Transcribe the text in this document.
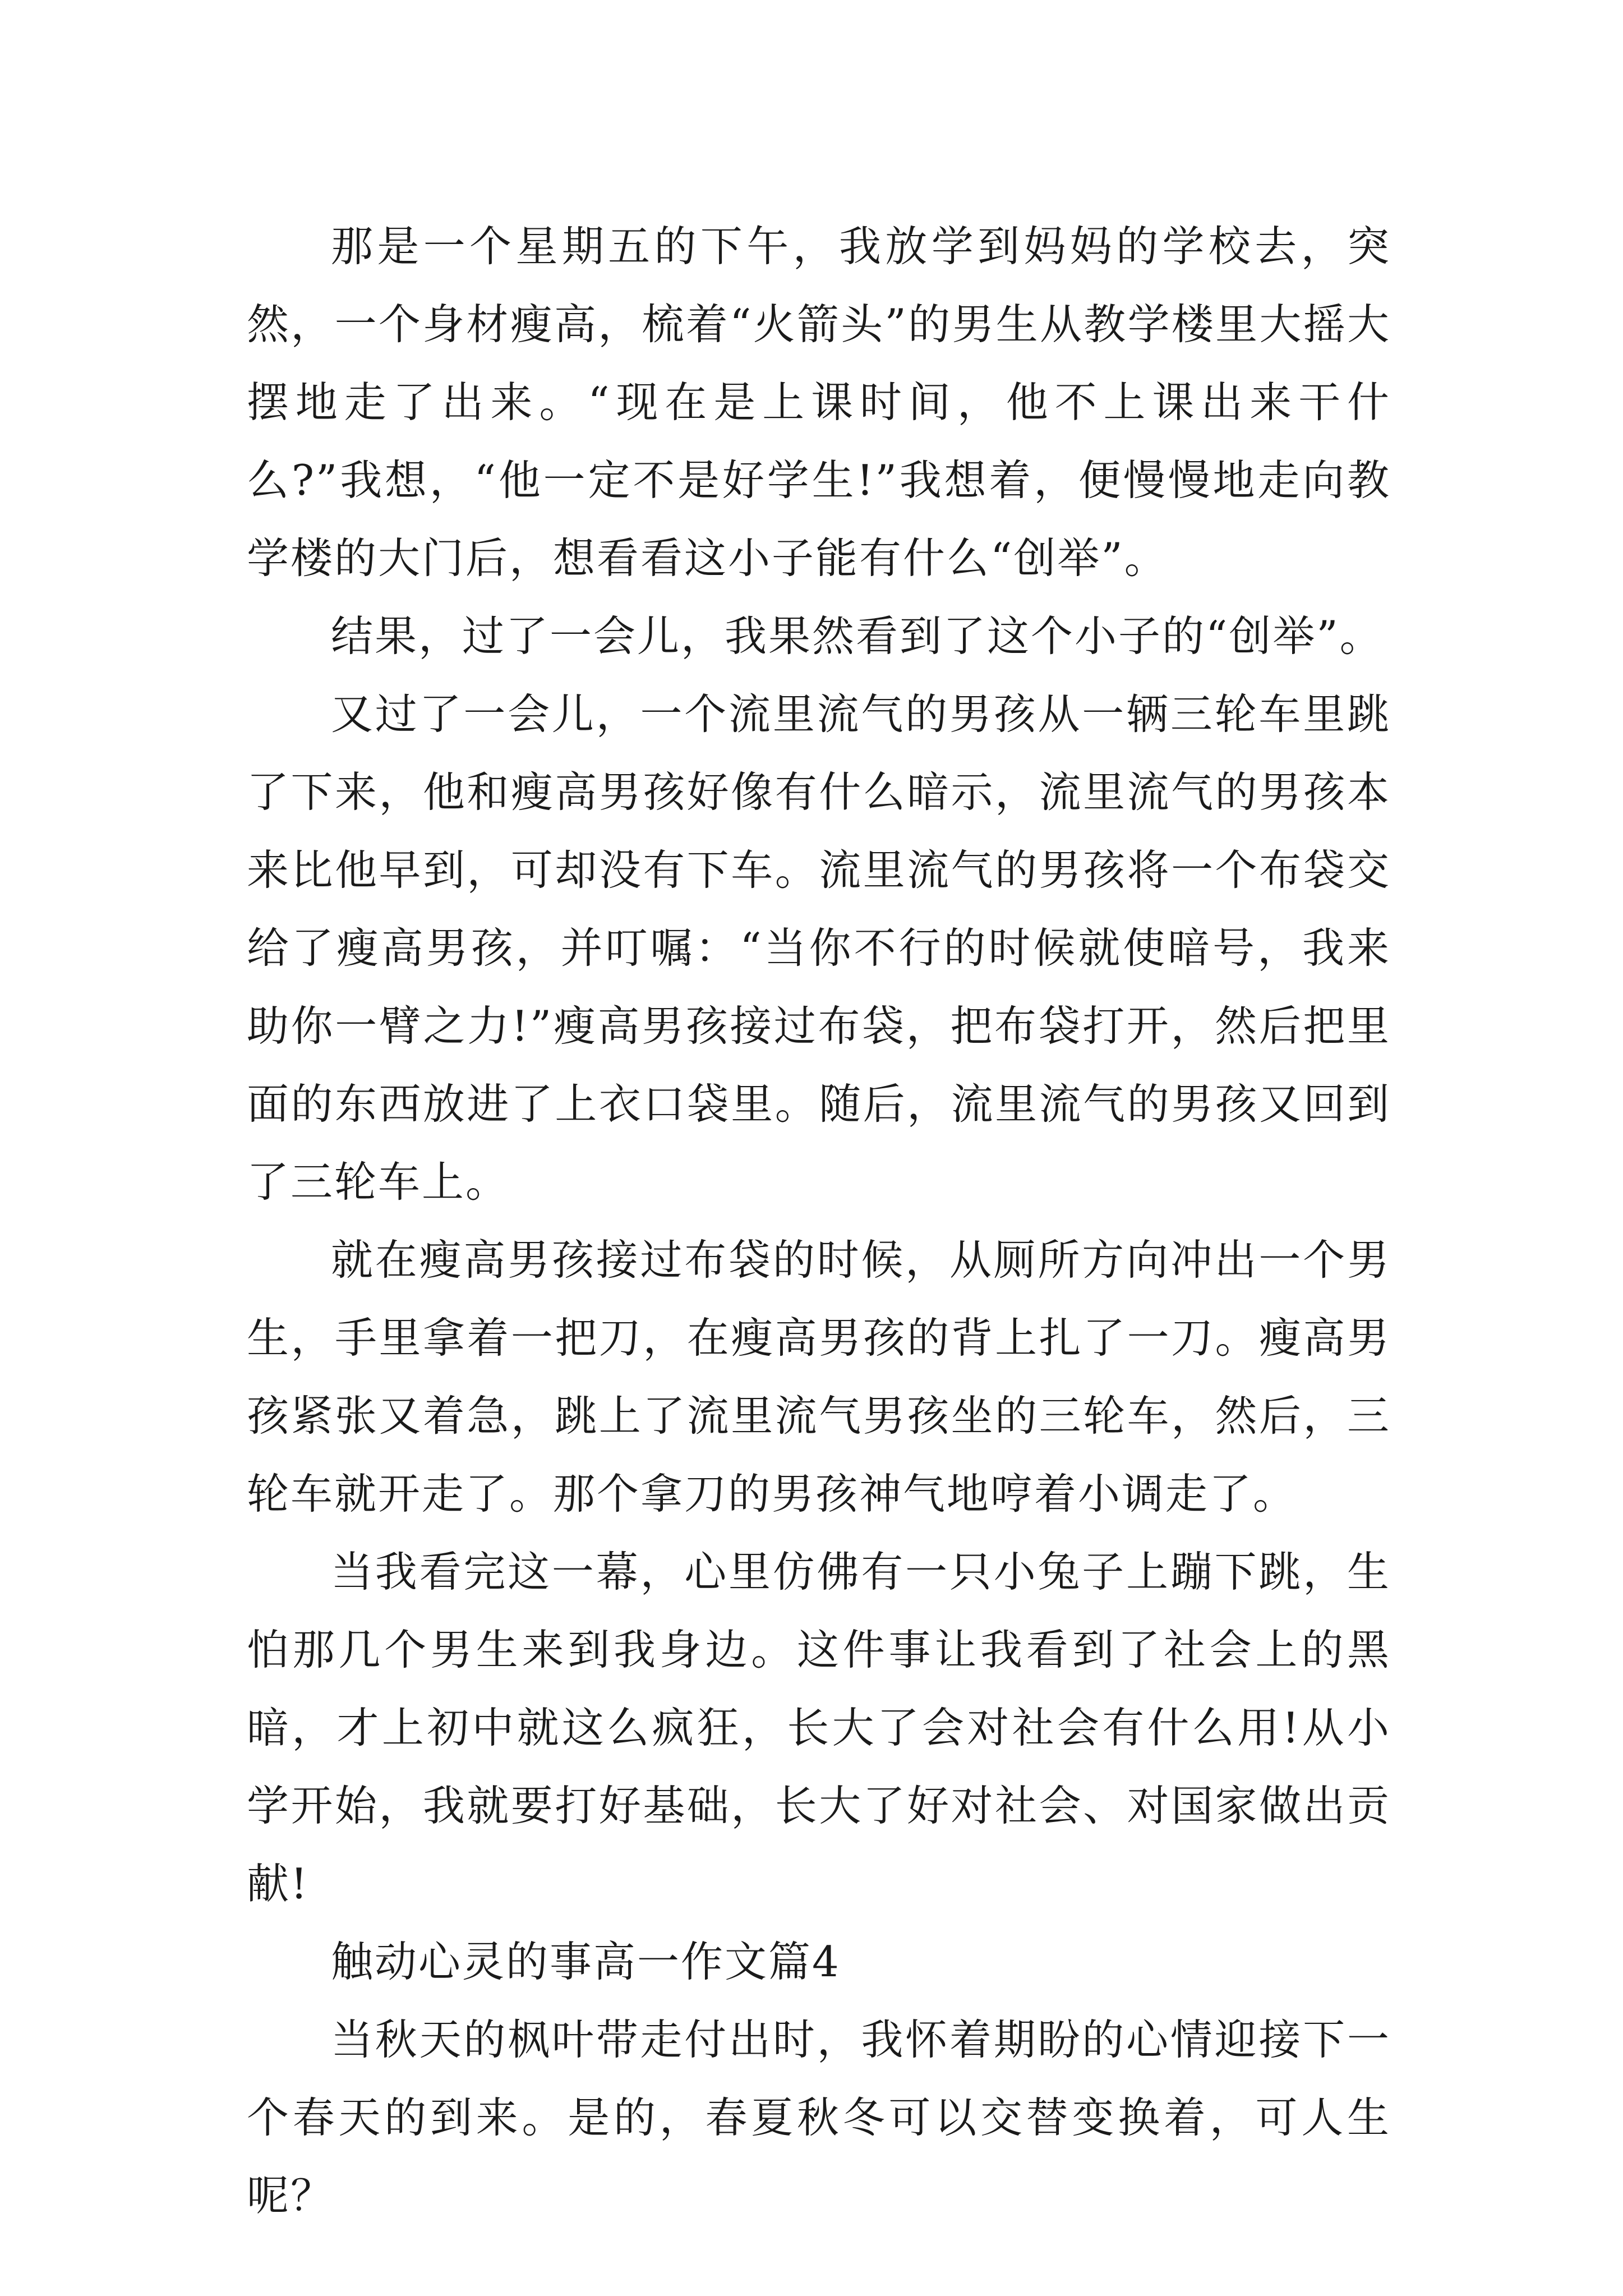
那是一个星期五的下午，我放学到妈妈的学校去，突然，一个身材瘦高，梳着“火箭头”的男生从教学楼里大摇大摆地走了出来。“现在是上课时间，他不上课出来干什么?”我想，“他一定不是好学生!”我想着，便慢慢地走向教学楼的大门后，想看看这小子能有什么“创举”。

结果，过了一会儿，我果然看到了这个小子的“创举”。

又过了一会儿，一个流里流气的男孩从一辆三轮车里跳了下来，他和瘦高男孩好像有什么暗示，流里流气的男孩本来比他早到，可却没有下车。流里流气的男孩将一个布袋交给了瘦高男孩，并叮嘱：“当你不行的时候就使暗号，我来助你一臂之力!”瘦高男孩接过布袋，把布袋打开，然后把里面的东西放进了上衣口袋里。随后，流里流气的男孩又回到了三轮车上。

就在瘦高男孩接过布袋的时候，从厕所方向冲出一个男生，手里拿着一把刀，在瘦高男孩的背上扎了一刀。瘦高男孩紧张又着急，跳上了流里流气男孩坐的三轮车，然后，三轮车就开走了。那个拿刀的男孩神气地哼着小调走了。

当我看完这一幕，心里仿佛有一只小兔子上蹦下跳，生怕那几个男生来到我身边。这件事让我看到了社会上的黑暗，才上初中就这么疯狂，长大了会对社会有什么用!从小学开始，我就要打好基础，长大了好对社会、对国家做出贡献!

触动心灵的事高一作文篇4

当秋天的枫叶带走付出时，我怀着期盼的心情迎接下一个春天的到来。是的，春夏秋冬可以交替变换着，可人生呢？
